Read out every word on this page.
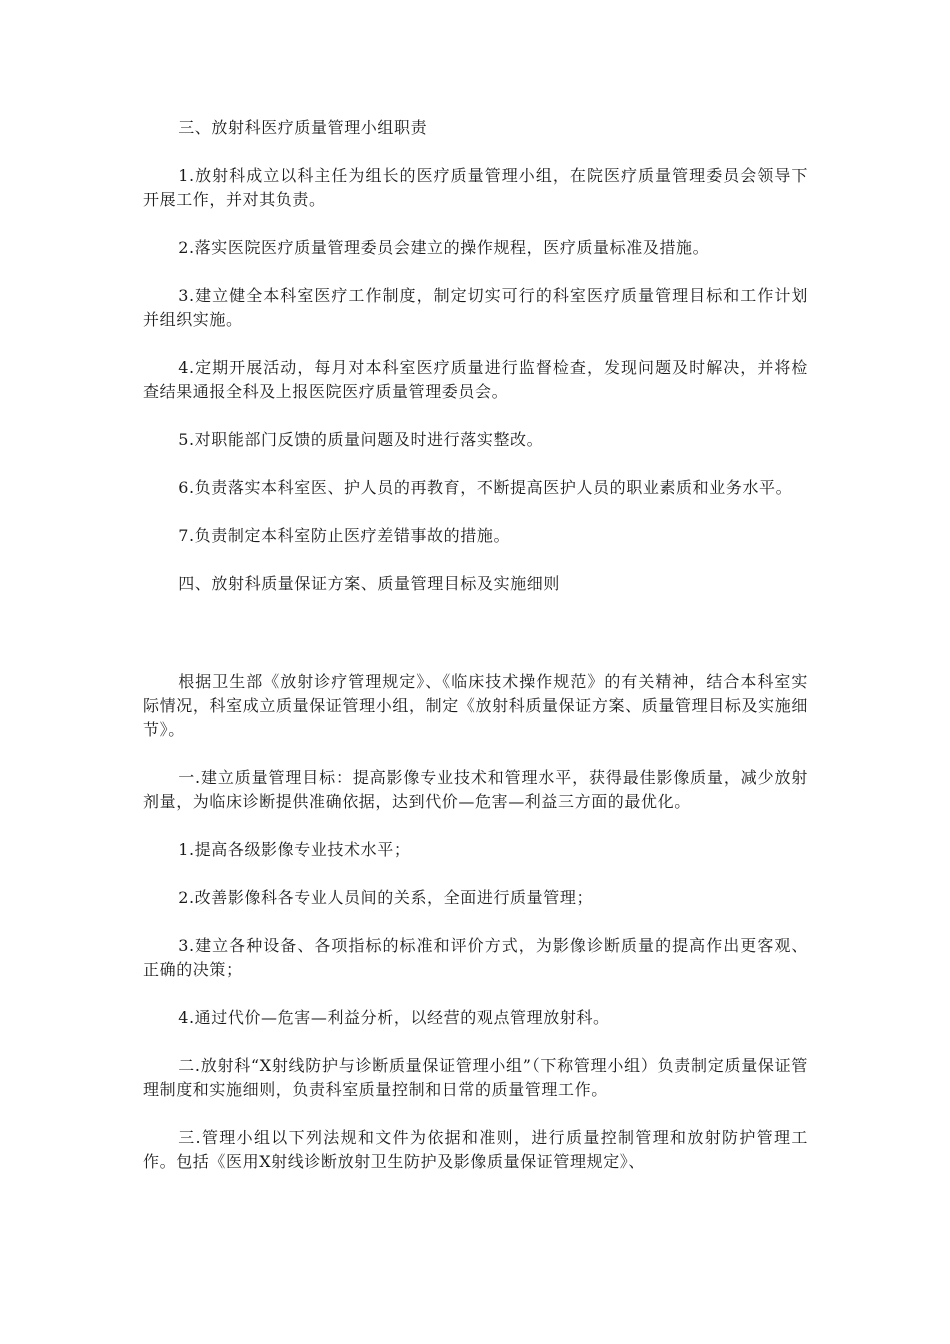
三、放射科医疗质量管理小组职责

1.放射科成立以科主任为组长的医疗质量管理小组，在院医疗质量管理委员会领导下开展工作，并对其负责。

2.落实医院医疗质量管理委员会建立的操作规程，医疗质量标准及措施。

3.建立健全本科室医疗工作制度，制定切实可行的科室医疗质量管理目标和工作计划并组织实施。

4.定期开展活动，每月对本科室医疗质量进行监督检查，发现问题及时解决，并将检查结果通报全科及上报医院医疗质量管理委员会。

5.对职能部门反馈的质量问题及时进行落实整改。

6.负责落实本科室医、护人员的再教育，不断提高医护人员的职业素质和业务水平。

7.负责制定本科室防止医疗差错事故的措施。

四、放射科质量保证方案、质量管理目标及实施细则

根据卫生部《放射诊疗管理规定》、《临床技术操作规范》的有关精神，结合本科室实际情况，科室成立质量保证管理小组，制定《放射科质量保证方案、质量管理目标及实施细节》。

一.建立质量管理目标：提高影像专业技术和管理水平，获得最佳影像质量，减少放射剂量，为临床诊断提供准确依据，达到代价—危害—利益三方面的最优化。

1.提高各级影像专业技术水平；

2.改善影像科各专业人员间的关系，全面进行质量管理；

3.建立各种设备、各项指标的标准和评价方式，为影像诊断质量的提高作出更客观、正确的决策；

4.通过代价—危害—利益分析，以经营的观点管理放射科。

二.放射科“X射线防护与诊断质量保证管理小组”（下称管理小组）负责制定质量保证管理制度和实施细则，负责科室质量控制和日常的质量管理工作。

三.管理小组以下列法规和文件为依据和准则，进行质量控制管理和放射防护管理工作。包括《医用X射线诊断放射卫生防护及影像质量保证管理规定》、
